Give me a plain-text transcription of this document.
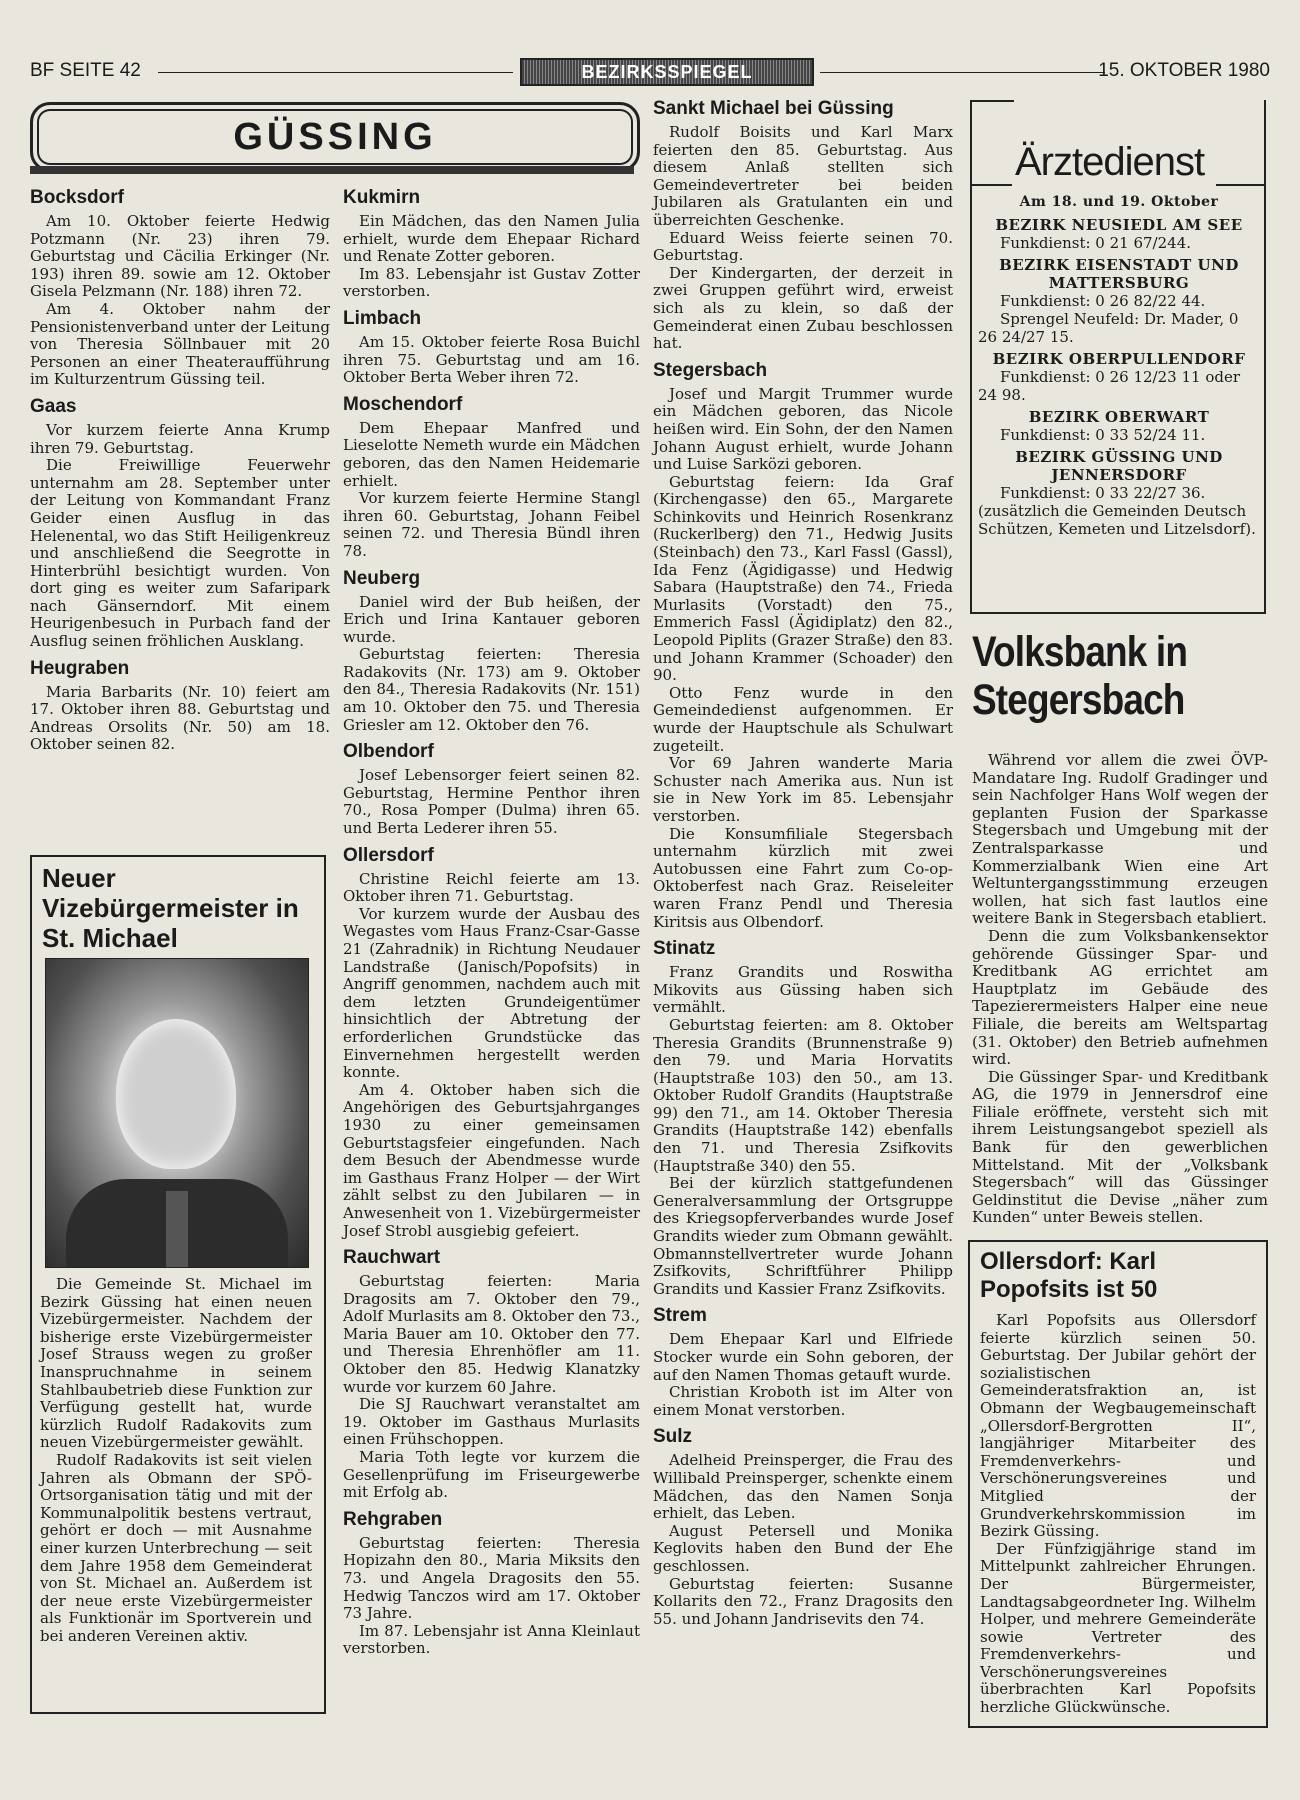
BF SEITE 42	BEZIRKSSPIEGEL	15. OKTOBER 1980
GÜSSING
Bocksdorf

Am 10. Oktober feierte Hedwig Potzmann (Nr. 23) ihren 79. Geburtstag und Cäcilia Erkinger (Nr. 193) ihren 89. sowie am 12. Oktober Gisela Pelzmann (Nr. 188) ihren 72.

Am 4. Oktober nahm der Pensionistenverband unter der Leitung von Theresia Söllnbauer mit 20 Personen an einer Theateraufführung im Kulturzentrum Güssing teil.

Gaas

Vor kurzem feierte Anna Krump ihren 79. Geburtstag.

Die Freiwillige Feuerwehr unternahm am 28. September unter der Leitung von Kommandant Franz Geider einen Ausflug in das Helenental, wo das Stift Heiligenkreuz und anschließend die Seegrotte in Hinterbrühl besichtigt wurden. Von dort ging es weiter zum Safaripark nach Gänserndorf. Mit einem Heurigenbesuch in Purbach fand der Ausflug seinen fröhlichen Ausklang.

Heugraben

Maria Barbarits (Nr. 10) feiert am 17. Oktober ihren 88. Geburtstag und Andreas Orsolits (Nr. 50) am 18. Oktober seinen 82.

Neuer Vizebürgermeister in St. Michael

Die Gemeinde St. Michael im Bezirk Güssing hat einen neuen Vizebürgermeister. Nachdem der bisherige erste Vizebürgermeister Josef Strauss wegen zu großer Inanspruchnahme in seinem Stahlbaubetrieb diese Funktion zur Verfügung gestellt hat, wurde kürzlich Rudolf Radakovits zum neuen Vizebürgermeister gewählt.

Rudolf Radakovits ist seit vielen Jahren als Obmann der SPÖ-Ortsorganisation tätig und mit der Kommunalpolitik bestens vertraut, gehört er doch — mit Ausnahme einer kurzen Unterbrechung — seit dem Jahre 1958 dem Gemeinderat von St. Michael an. Außerdem ist der neue erste Vizebürgermeister als Funktionär im Sportverein und bei anderen Vereinen aktiv.

Kukmirn

Ein Mädchen, das den Namen Julia erhielt, wurde dem Ehepaar Richard und Renate Zotter geboren.

Im 83. Lebensjahr ist Gustav Zotter verstorben.

Limbach

Am 15. Oktober feierte Rosa Buichl ihren 75. Geburtstag und am 16. Oktober Berta Weber ihren 72.

Moschendorf

Dem Ehepaar Manfred und Lieselotte Nemeth wurde ein Mädchen geboren, das den Namen Heidemarie erhielt.

Vor kurzem feierte Hermine Stangl ihren 60. Geburtstag, Johann Feibel seinen 72. und Theresia Bündl ihren 78.

Neuberg

Daniel wird der Bub heißen, der Erich und Irina Kantauer geboren wurde.

Geburtstag feierten: Theresia Radakovits (Nr. 173) am 9. Oktober den 84., Theresia Radakovits (Nr. 151) am 10. Oktober den 75. und Theresia Griesler am 12. Oktober den 76.

Olbendorf

Josef Lebensorger feiert seinen 82. Geburtstag, Hermine Penthor ihren 70., Rosa Pomper (Dulma) ihren 65. und Berta Lederer ihren 55.

Ollersdorf

Christine Reichl feierte am 13. Oktober ihren 71. Geburtstag.

Vor kurzem wurde der Ausbau des Wegastes vom Haus Franz-Csar-Gasse 21 (Zahradnik) in Richtung Neudauer Landstraße (Janisch/Popofsits) in Angriff genommen, nachdem auch mit dem letzten Grundeigentümer hinsichtlich der Abtretung der erforderlichen Grundstücke das Einvernehmen hergestellt werden konnte.

Am 4. Oktober haben sich die Angehörigen des Geburtsjahrganges 1930 zu einer gemeinsamen Geburtstagsfeier eingefunden. Nach dem Besuch der Abendmesse wurde im Gasthaus Franz Holper — der Wirt zählt selbst zu den Jubilaren — in Anwesenheit von 1. Vizebürgermeister Josef Strobl ausgiebig gefeiert.

Rauchwart

Geburtstag feierten: Maria Dragosits am 7. Oktober den 79., Adolf Murlasits am 8. Oktober den 73., Maria Bauer am 10. Oktober den 77. und Theresia Ehrenhöfler am 11. Oktober den 85. Hedwig Klanatzky wurde vor kurzem 60 Jahre.

Die SJ Rauchwart veranstaltet am 19. Oktober im Gasthaus Murlasits einen Frühschoppen.

Maria Toth legte vor kurzem die Gesellenprüfung im Friseurgewerbe mit Erfolg ab.

Rehgraben

Geburtstag feierten: Theresia Hopizahn den 80., Maria Miksits den 73. und Angela Dragosits den 55. Hedwig Tanczos wird am 17. Oktober 73 Jahre.

Im 87. Lebensjahr ist Anna Kleinlaut verstorben.

Sankt Michael bei Güssing

Rudolf Boisits und Karl Marx feierten den 85. Geburtstag. Aus diesem Anlaß stellten sich Gemeindevertreter bei beiden Jubilaren als Gratulanten ein und überreichten Geschenke.

Eduard Weiss feierte seinen 70. Geburtstag.

Der Kindergarten, der derzeit in zwei Gruppen geführt wird, erweist sich als zu klein, so daß der Gemeinderat einen Zubau beschlossen hat.

Stegersbach

Josef und Margit Trummer wurde ein Mädchen geboren, das Nicole heißen wird. Ein Sohn, der den Namen Johann August erhielt, wurde Johann und Luise Sarközi geboren.

Geburtstag feiern: Ida Graf (Kirchengasse) den 65., Margarete Schinkovits und Heinrich Rosenkranz (Ruckerlberg) den 71., Hedwig Jusits (Steinbach) den 73., Karl Fassl (Gassl), Ida Fenz (Ägidigasse) und Hedwig Sabara (Hauptstraße) den 74., Frieda Murlasits (Vorstadt) den 75., Emmerich Fassl (Ägidiplatz) den 82., Leopold Piplits (Grazer Straße) den 83. und Johann Krammer (Schoader) den 90.

Otto Fenz wurde in den Gemeindedienst aufgenommen. Er wurde der Hauptschule als Schulwart zugeteilt.

Vor 69 Jahren wanderte Maria Schuster nach Amerika aus. Nun ist sie in New York im 85. Lebensjahr verstorben.

Die Konsumfiliale Stegersbach unternahm kürzlich mit zwei Autobussen eine Fahrt zum Co-op-Oktoberfest nach Graz. Reiseleiter waren Franz Pendl und Theresia Kiritsis aus Olbendorf.

Stinatz

Franz Grandits und Roswitha Mikovits aus Güssing haben sich vermählt.

Geburtstag feierten: am 8. Oktober Theresia Grandits (Brunnenstraße 9) den 79. und Maria Horvatits (Hauptstraße 103) den 50., am 13. Oktober Rudolf Grandits (Hauptstraße 99) den 71., am 14. Oktober Theresia Grandits (Hauptstraße 142) ebenfalls den 71. und Theresia Zsifkovits (Hauptstraße 340) den 55.

Bei der kürzlich stattgefundenen Generalversammlung der Ortsgruppe des Kriegsopferverbandes wurde Josef Grandits wieder zum Obmann gewählt. Obmannstellvertreter wurde Johann Zsifkovits, Schriftführer Philipp Grandits und Kassier Franz Zsifkovits.

Strem

Dem Ehepaar Karl und Elfriede Stocker wurde ein Sohn geboren, der auf den Namen Thomas getauft wurde.

Christian Kroboth ist im Alter von einem Monat verstorben.

Sulz

Adelheid Preinsperger, die Frau des Willibald Preinsperger, schenkte einem Mädchen, das den Namen Sonja erhielt, das Leben.

August Petersell und Monika Keglovits haben den Bund der Ehe geschlossen.

Geburtstag feierten: Susanne Kollarits den 72., Franz Dragosits den 55. und Johann Jandrisevits den 74.

Ärztedienst
Am 18. und 19. Oktober
BEZIRK NEUSIEDL AM SEE
Funkdienst: 0 21 67/244.
BEZIRK EISENSTADT UND MATTERSBURG
Funkdienst: 0 26 82/22 44.
Sprengel Neufeld: Dr. Mader, 0 26 24/27 15.
BEZIRK OBERPULLENDORF
Funkdienst: 0 26 12/23 11 oder 24 98.
BEZIRK OBERWART
Funkdienst: 0 33 52/24 11.
BEZIRK GÜSSING UND JENNERSDORF
Funkdienst: 0 33 22/27 36. (zusätzlich die Gemeinden Deutsch Schützen, Kemeten und Litzelsdorf).
Volksbank in Stegersbach

Während vor allem die zwei ÖVP-Mandatare Ing. Rudolf Gradinger und sein Nachfolger Hans Wolf wegen der geplanten Fusion der Sparkasse Stegersbach und Umgebung mit der Zentralsparkasse und Kommerzialbank Wien eine Art Weltuntergangsstimmung erzeugen wollen, hat sich fast lautlos eine weitere Bank in Stegersbach etabliert.

Denn die zum Volksbankensektor gehörende Güssinger Spar- und Kreditbank AG errichtet am Hauptplatz im Gebäude des Tapezierermeisters Halper eine neue Filiale, die bereits am Weltspartag (31. Oktober) den Betrieb aufnehmen wird.

Die Güssinger Spar- und Kreditbank AG, die 1979 in Jennersdrof eine Filiale eröffnete, versteht sich mit ihrem Leistungsangebot speziell als Bank für den gewerblichen Mittelstand. Mit der „Volksbank Stegersbach“ will das Güssinger Geldinstitut die Devise „näher zum Kunden“ unter Beweis stellen.

Ollersdorf: Karl Popofsits ist 50

Karl Popofsits aus Ollersdorf feierte kürzlich seinen 50. Geburtstag. Der Jubilar gehört der sozialistischen Gemeinderatsfraktion an, ist Obmann der Wegbaugemeinschaft „Ollersdorf-Bergrotten II“, langjähriger Mitarbeiter des Fremdenverkehrs- und Verschönerungsvereines und Mitglied der Grundverkehrskommission im Bezirk Güssing.

Der Fünfzigjährige stand im Mittelpunkt zahlreicher Ehrungen. Der Bürgermeister, Landtagsabgeordneter Ing. Wilhelm Holper, und mehrere Gemeinderäte sowie Vertreter des Fremdenverkehrs- und Verschönerungsvereines überbrachten Karl Popofsits herzliche Glückwünsche.
